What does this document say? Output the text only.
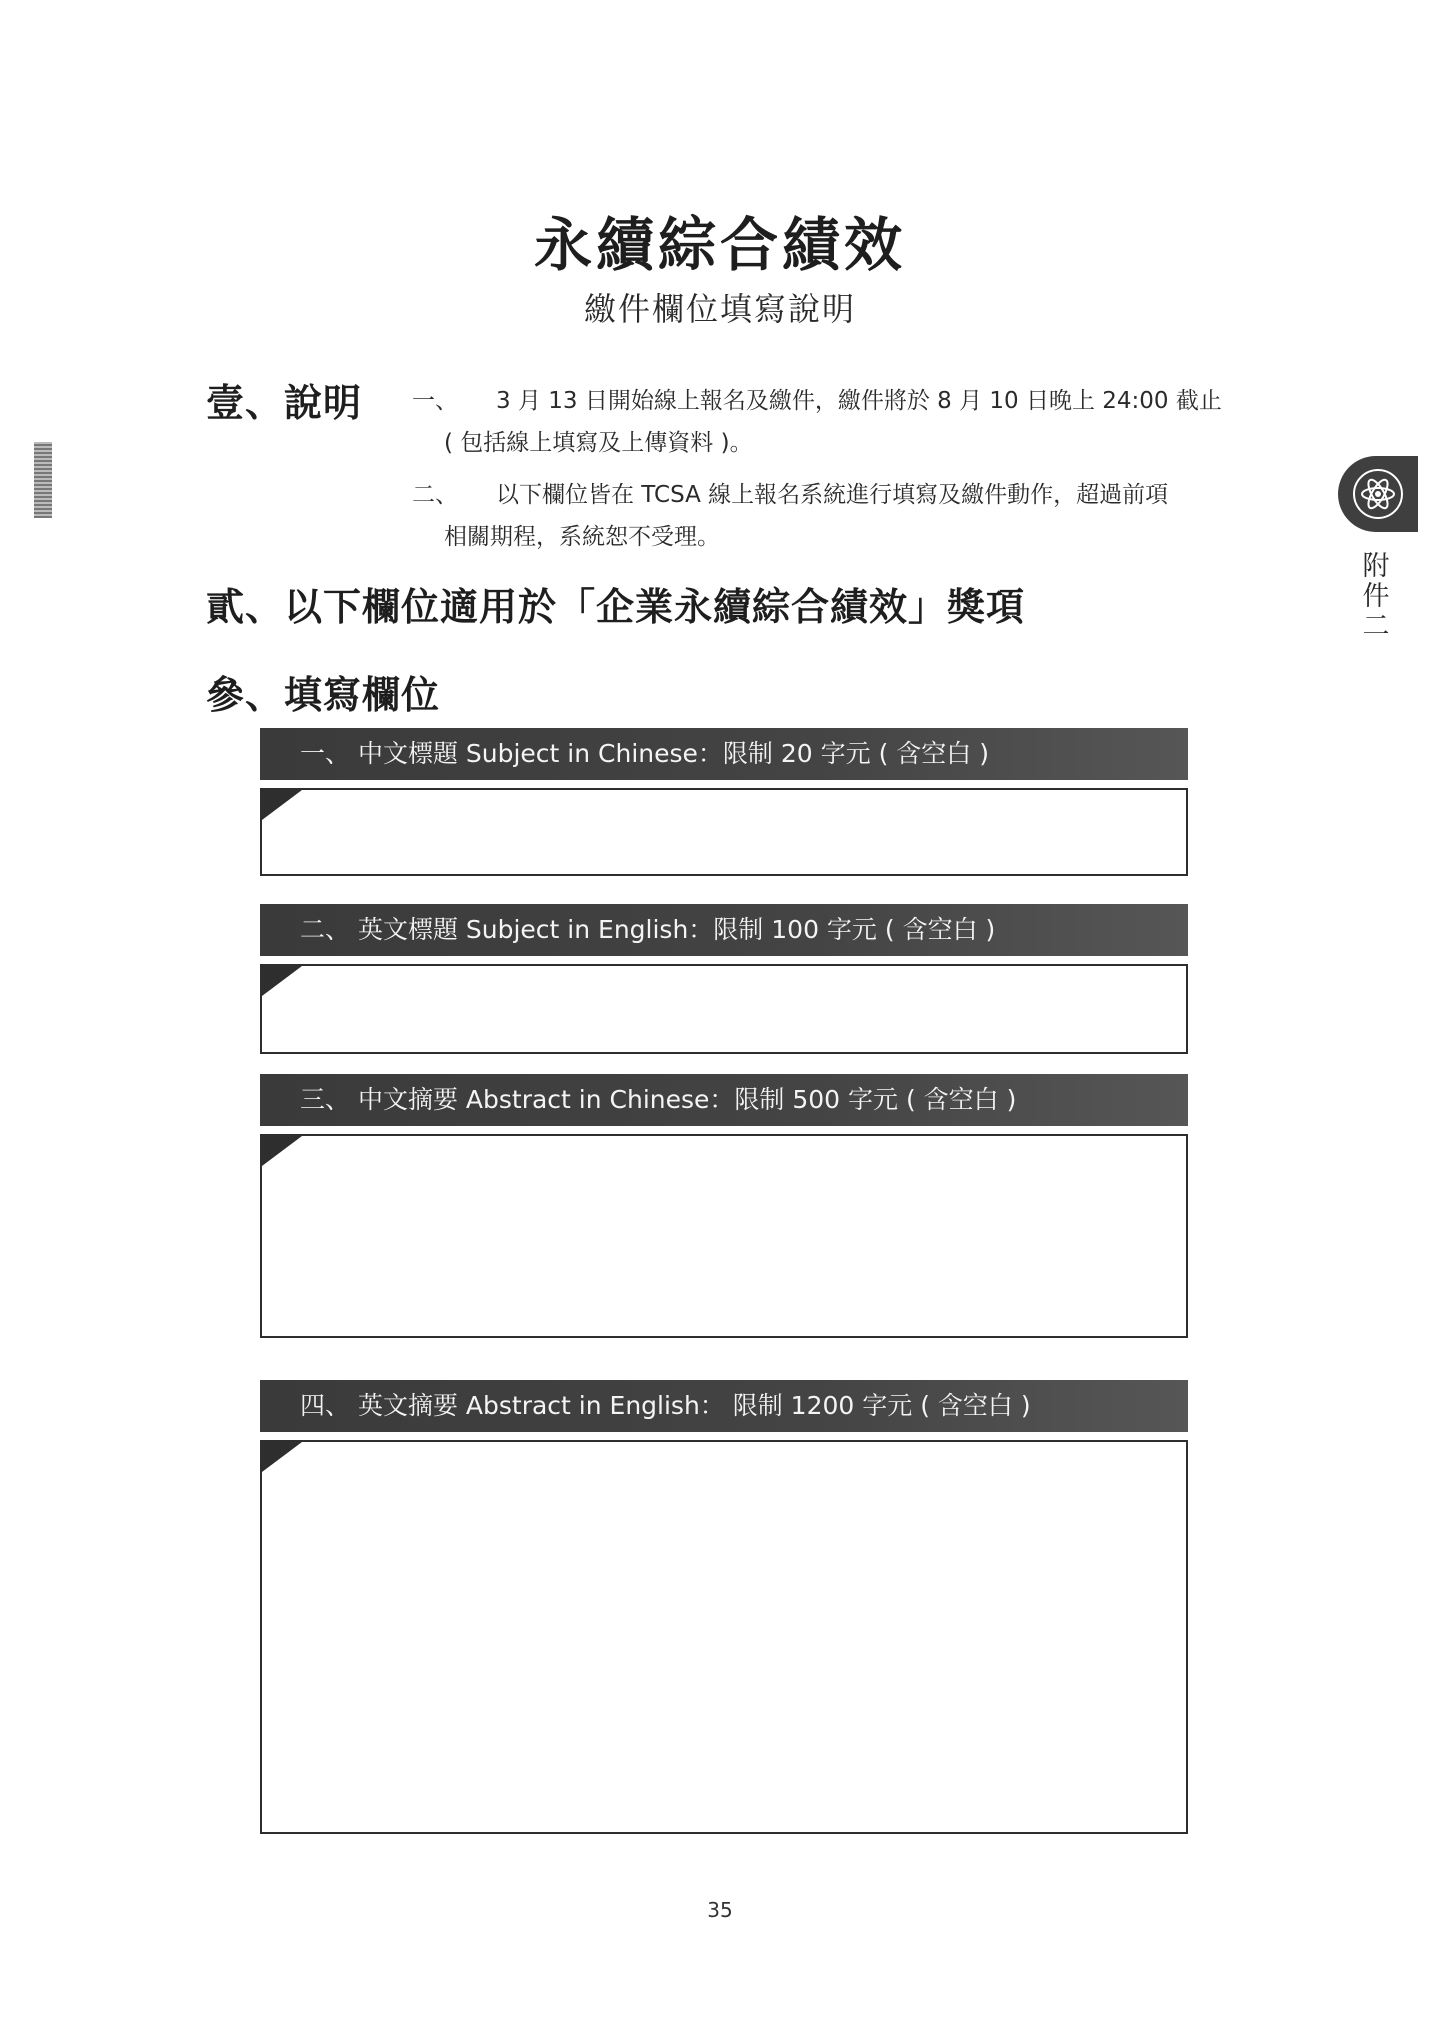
永續綜合績效
繳件欄位填寫說明
壹、說明 一、 3 月 13 日開始線上報名及繳件，繳件將於 8 月 10 日晚上 24:00 截止
( 包括線上填寫及上傳資料 )。
二、 以下欄位皆在 TCSA 線上報名系統進行填寫及繳件動作，超過前項
相關期程，系統恕不受理。
貳、以下欄位適用於「企業永續綜合績效」獎項
參、填寫欄位
一、 中文標題 Subject in Chinese：限制 20 字元 ( 含空白 )
二、 英文標題 Subject in English：限制 100 字元 ( 含空白 )
三、 中文摘要 Abstract in Chinese：限制 500 字元 ( 含空白 )
四、 英文摘要 Abstract in English： 限制 1200 字元 ( 含空白 )
附件二
35
